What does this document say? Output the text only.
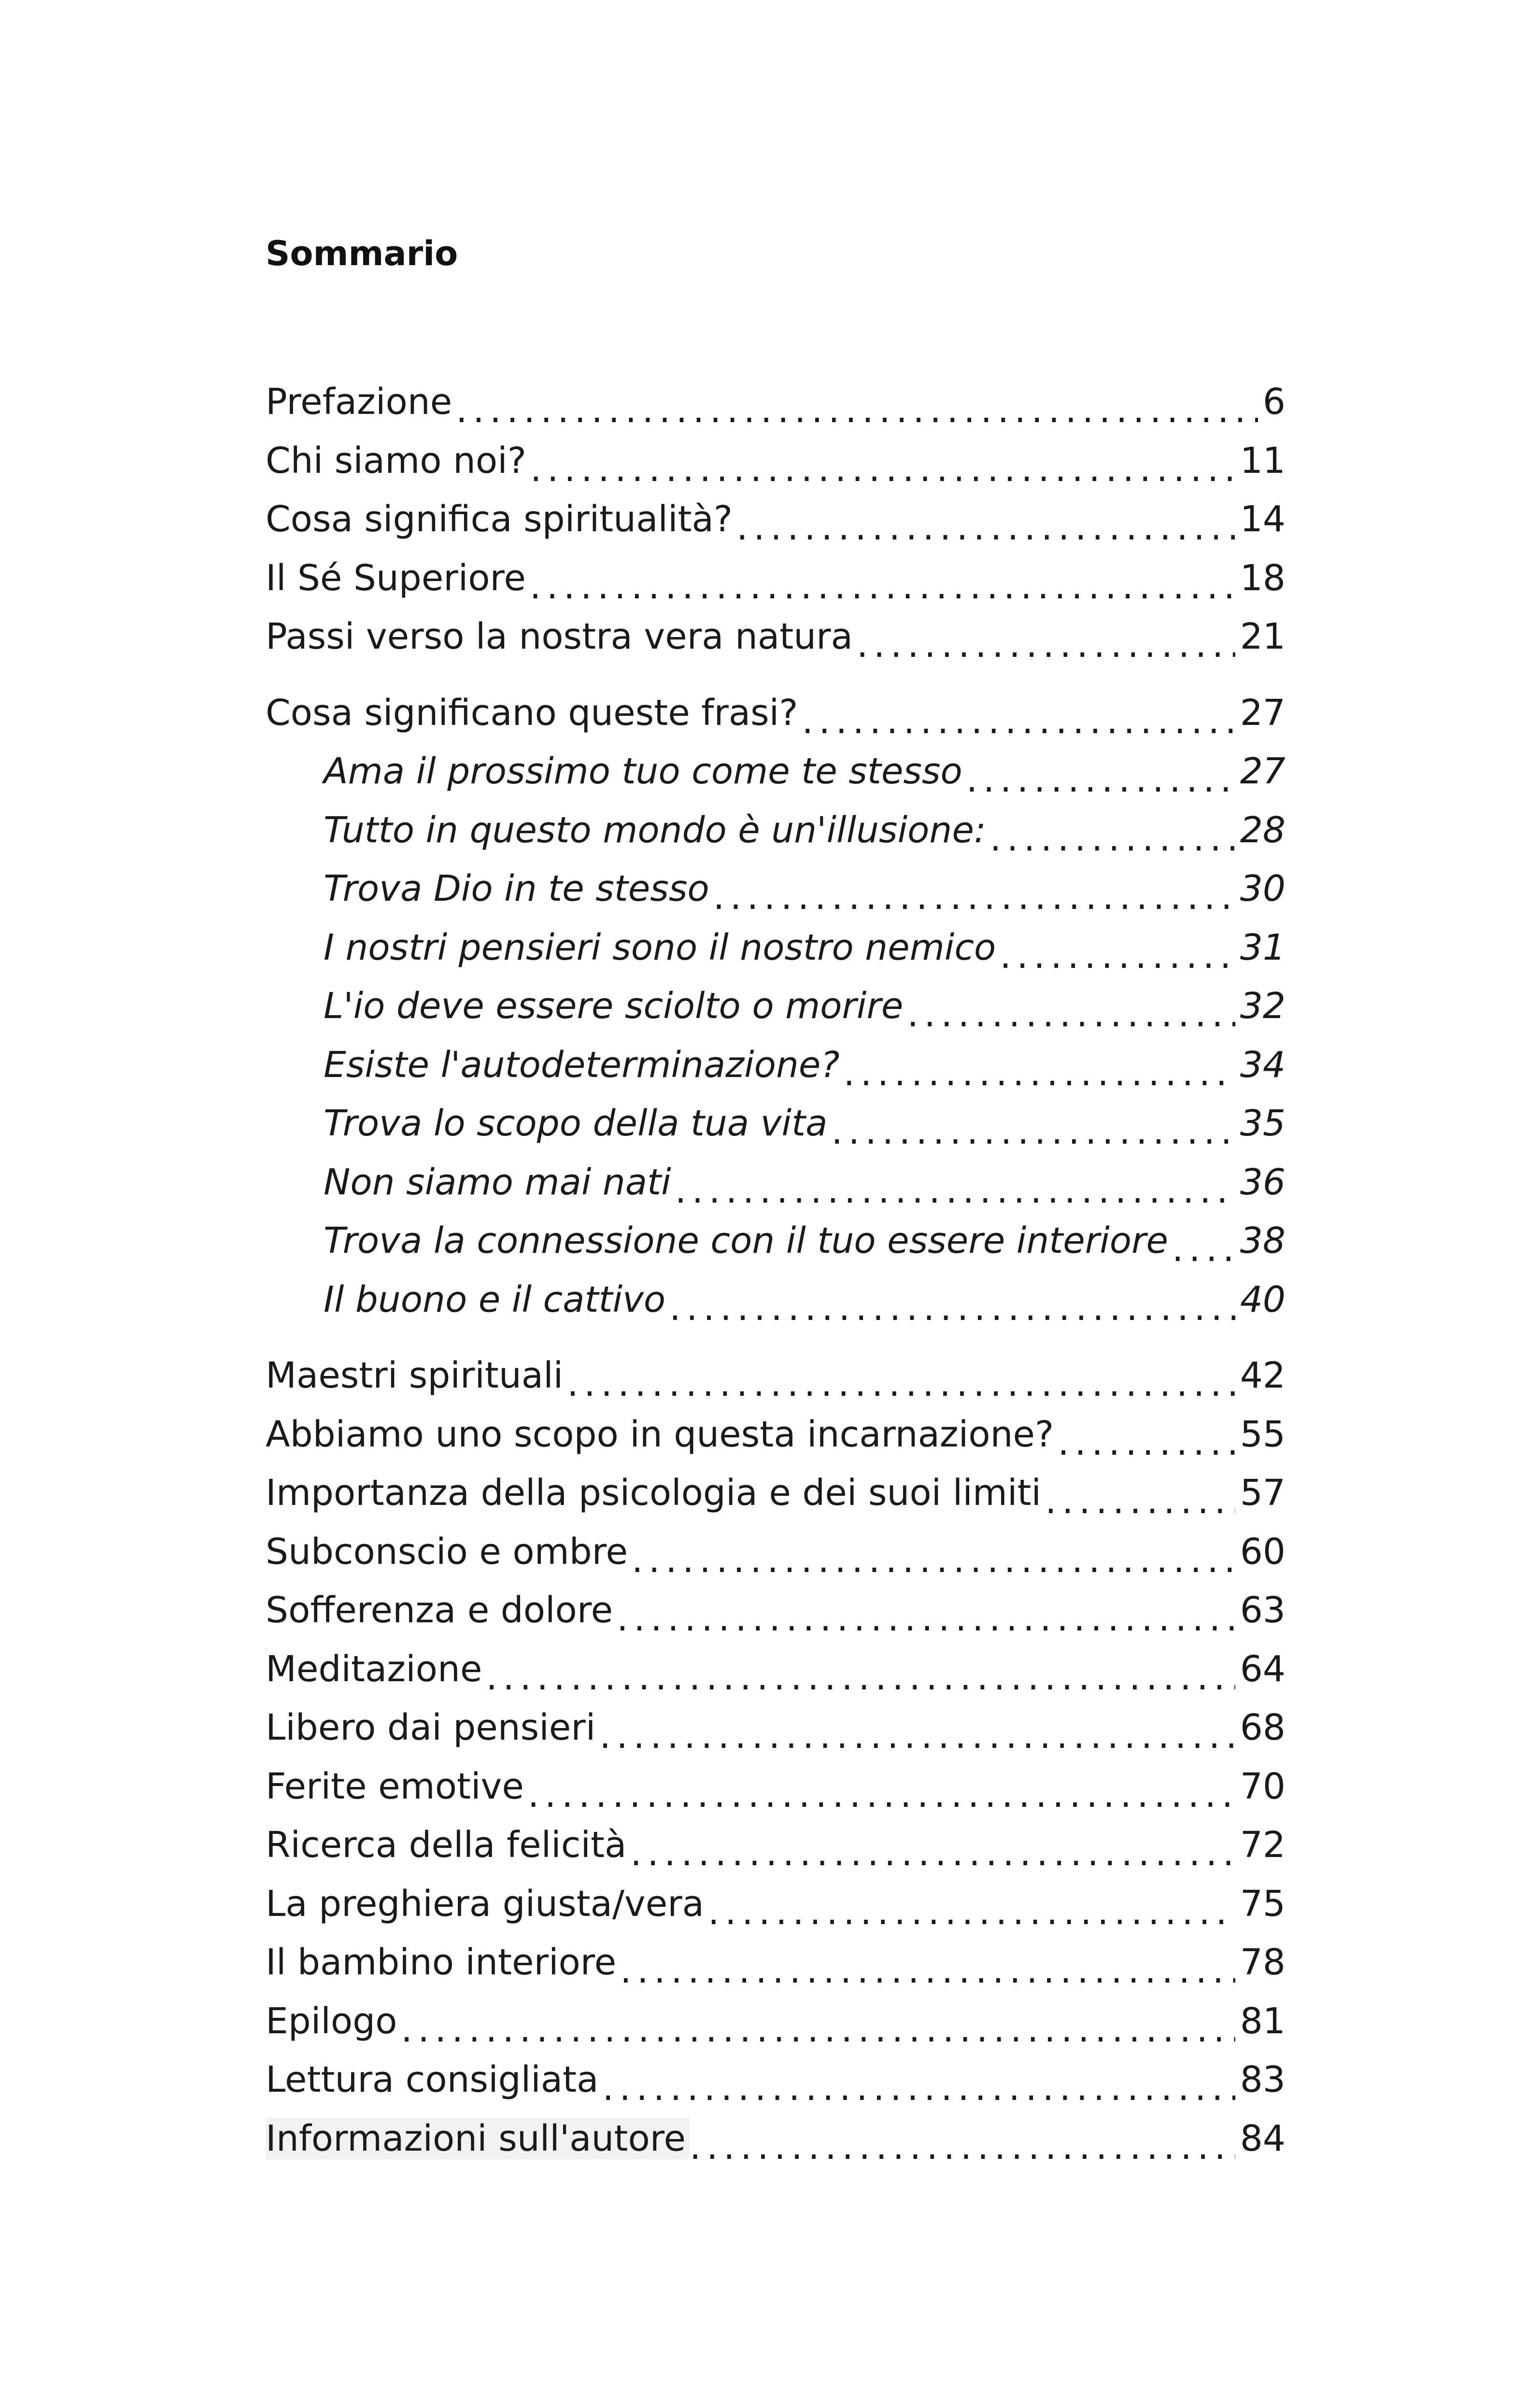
Sommario
Prefazione . . .	6
Chi siamo noi? . . .	11
Cosa significa spiritualità? . . .	14
Il Sé Superiore . . .	18
Passi verso la nostra vera natura . . .	21
Cosa significano queste frasi? . . .	27
Ama il prossimo tuo come te stesso . . .	27
Tutto in questo mondo è un'illusione: . . .	28
Trova Dio in te stesso . . .	30
I nostri pensieri sono il nostro nemico . . .	31
L'io deve essere sciolto o morire . . .	32
Esiste l'autodeterminazione? . . .	34
Trova lo scopo della tua vita . . .	35
Non siamo mai nati . . .	36
Trova la connessione con il tuo essere interiore . . . 38
Il buono e il cattivo . . .	40
Maestri spirituali . . .	42
Abbiamo uno scopo in questa incarnazione? . . .	55
Importanza della psicologia e dei suoi limiti . . .	57
Subconscio e ombre . . .	60
Sofferenza e dolore . . .	63
Meditazione . . .	64
Libero dai pensieri . . .	68
Ferite emotive . . .	70
Ricerca della felicità . . .	72
La preghiera giusta/vera . . .	75
Il bambino interiore . . .	78
Epilogo . . .	81
Lettura consigliata . . .	83
Informazioni sull'autore . . .	84
